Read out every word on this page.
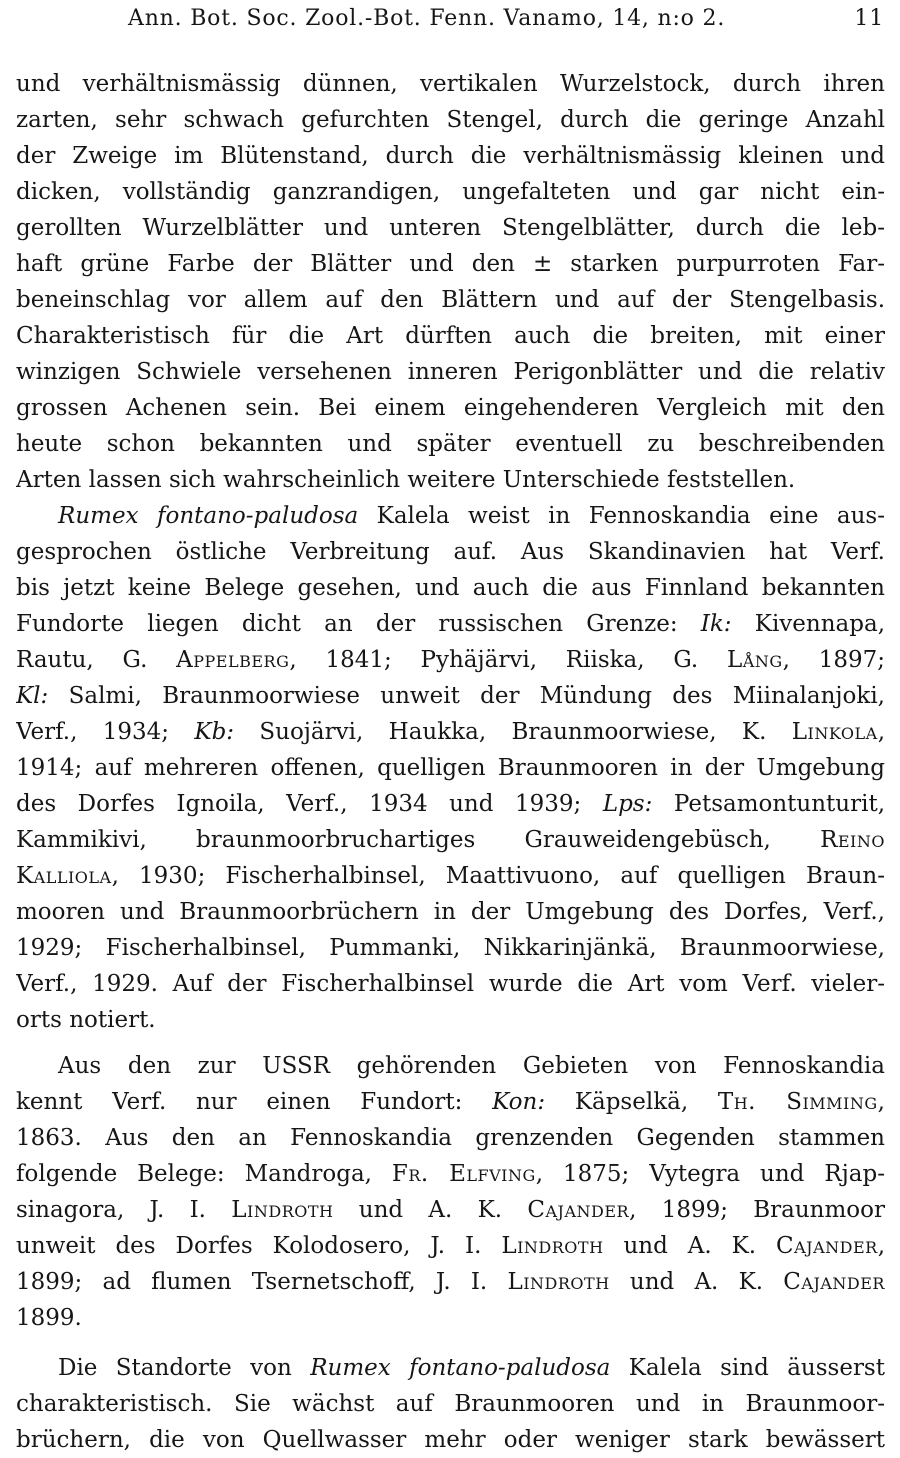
Ann. Bot. Soc. Zool.-Bot. Fenn. Vanamo, 14, n:o 2.	11
und verhältnismässig dünnen, vertikalen Wurzelstock, durch ihren
zarten, sehr schwach gefurchten Stengel, durch die geringe Anzahl
der Zweige im Blütenstand, durch die verhältnismässig kleinen und
dicken, vollständig ganzrandigen, ungefalteten und gar nicht ein-
gerollten Wurzelblätter und unteren Stengelblätter, durch die leb-
haft grüne Farbe der Blätter und den ± starken purpurroten Far-
beneinschlag vor allem auf den Blättern und auf der Stengelbasis.
Charakteristisch für die Art dürften auch die breiten, mit einer
winzigen Schwiele versehenen inneren Perigonblätter und die relativ
grossen Achenen sein. Bei einem eingehenderen Vergleich mit den
heute schon bekannten und später eventuell zu beschreibenden
Arten lassen sich wahrscheinlich weitere Unterschiede feststellen.
Rumex fontano-paludosa Kalela weist in Fennoskandia eine aus-
gesprochen östliche Verbreitung auf. Aus Skandinavien hat Verf.
bis jetzt keine Belege gesehen, und auch die aus Finnland bekannten
Fundorte liegen dicht an der russischen Grenze: Ik: Kivennapa,
Rautu, G. Appelberg, 1841; Pyhäjärvi, Riiska, G. Lång, 1897;
Kl: Salmi, Braunmoorwiese unweit der Mündung des Miinalanjoki,
Verf., 1934; Kb: Suojärvi, Haukka, Braunmoorwiese, K. Linkola,
1914; auf mehreren offenen, quelligen Braunmooren in der Umgebung
des Dorfes Ignoila, Verf., 1934 und 1939; Lps: Petsamontunturit,
Kammikivi, braunmoorbruchartiges Grauweidengebüsch, Reino
Kalliola, 1930; Fischerhalbinsel, Maattivuono, auf quelligen Braun-
mooren und Braunmoorbrüchern in der Umgebung des Dorfes, Verf.,
1929; Fischerhalbinsel, Pummanki, Nikkarinjänkä, Braunmoorwiese,
Verf., 1929. Auf der Fischerhalbinsel wurde die Art vom Verf. vieler-
orts notiert.
Aus den zur USSR gehörenden Gebieten von Fennoskandia
kennt Verf. nur einen Fundort: Kon: Käpselkä, Th. Simming,
1863. Aus den an Fennoskandia grenzenden Gegenden stammen
folgende Belege: Mandroga, Fr. Elfving, 1875; Vytegra und Rjap-
sinagora, J. I. Lindroth und A. K. Cajander, 1899; Braunmoor
unweit des Dorfes Kolodosero, J. I. Lindroth und A. K. Cajander,
1899; ad flumen Tsernetschoff, J. I. Lindroth und A. K. Cajander
1899.
Die Standorte von Rumex fontano-paludosa Kalela sind äusserst
charakteristisch. Sie wächst auf Braunmooren und in Braunmoor-
brüchern, die von Quellwasser mehr oder weniger stark bewässert
